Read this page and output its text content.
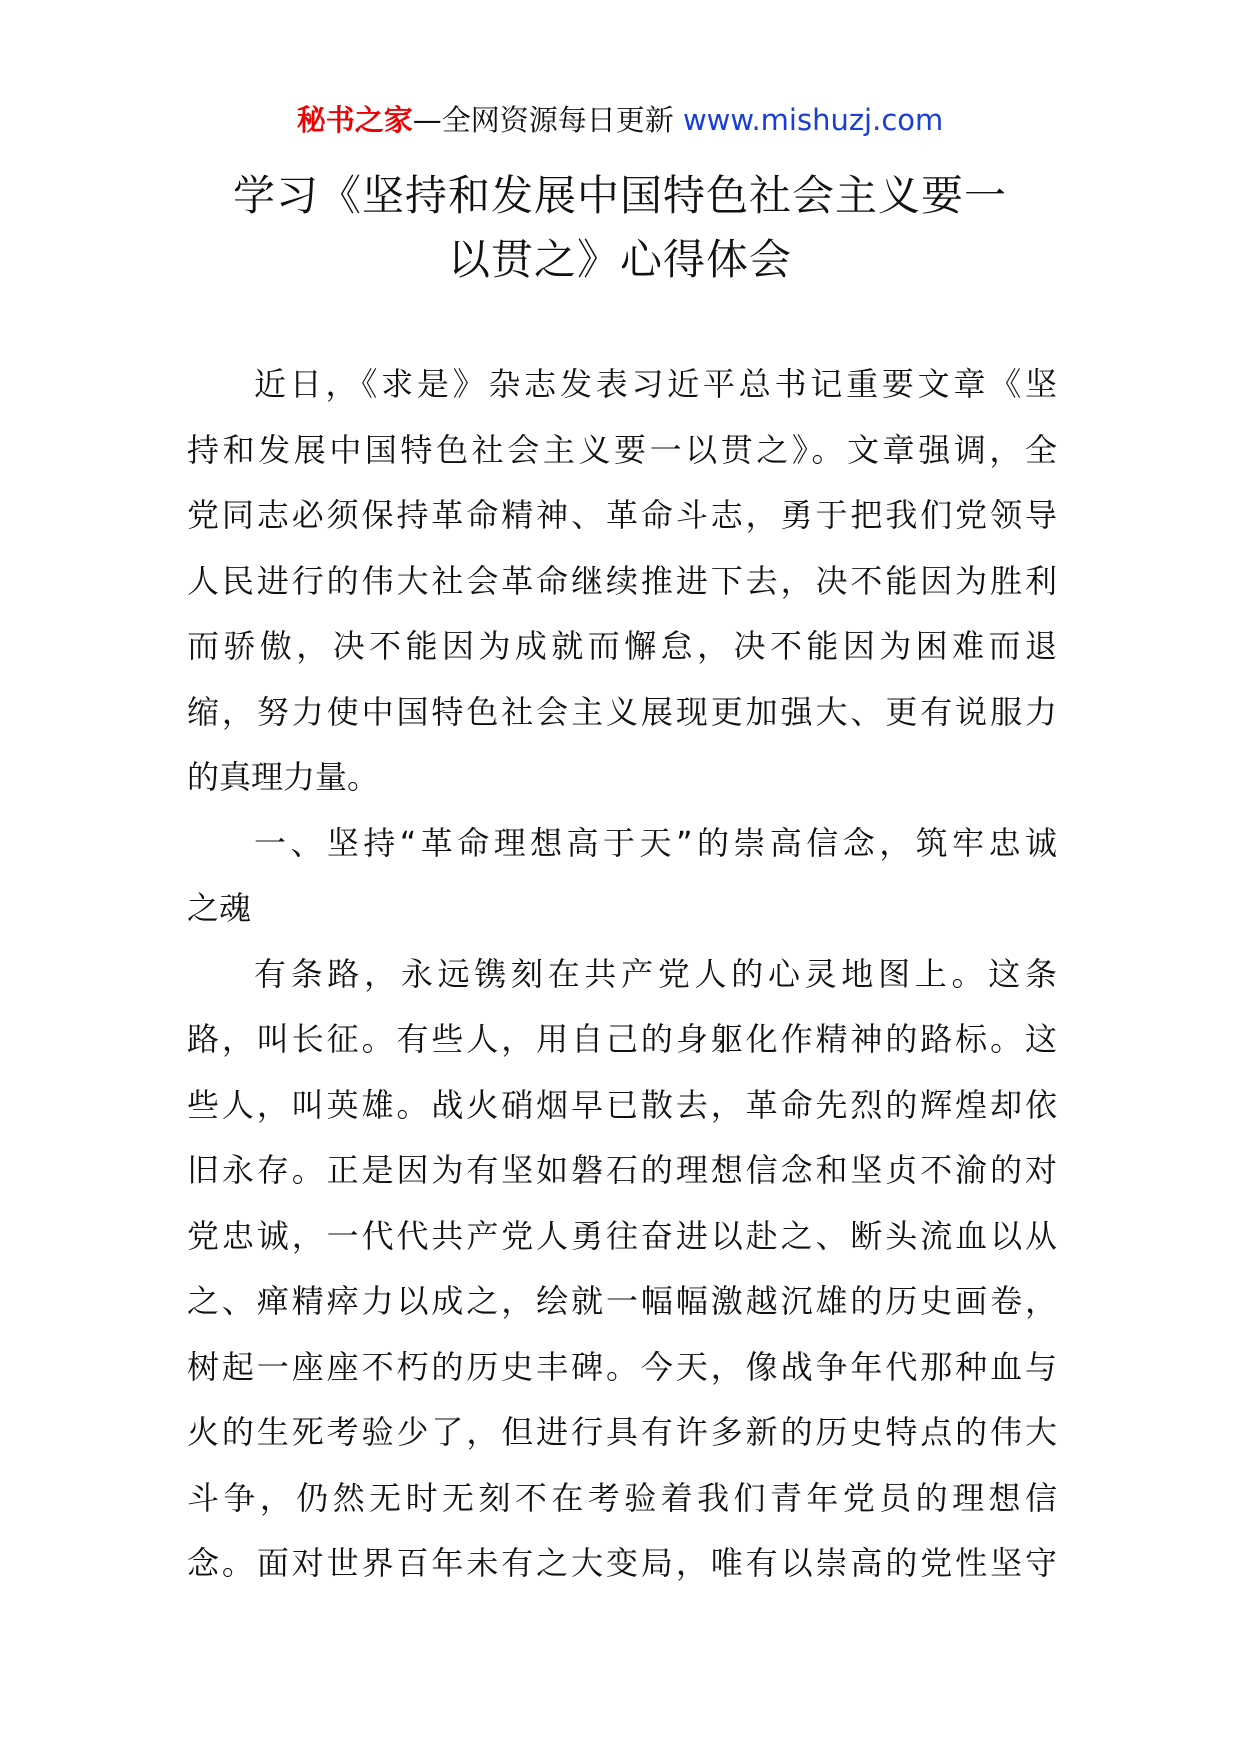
秘书之家—全网资源每日更新 www.mishuzj.com
学习《坚持和发展中国特色社会主义要一
以贯之》心得体会
近日，《求是》杂志发表习近平总书记重要文章《坚
持和发展中国特色社会主义要一以贯之》。文章强调，全
党同志必须保持革命精神、革命斗志，勇于把我们党领导
人民进行的伟大社会革命继续推进下去，决不能因为胜利
而骄傲，决不能因为成就而懈怠，决不能因为困难而退
缩，努力使中国特色社会主义展现更加强大、更有说服力
的真理力量。
一、坚持“革命理想高于天”的崇高信念，筑牢忠诚
之魂
有条路，永远镌刻在共产党人的心灵地图上。这条
路，叫长征。有些人，用自己的身躯化作精神的路标。这
些人，叫英雄。战火硝烟早已散去，革命先烈的辉煌却依
旧永存。正是因为有坚如磐石的理想信念和坚贞不渝的对
党忠诚，一代代共产党人勇往奋进以赴之、断头流血以从
之、瘅精瘁力以成之，绘就一幅幅激越沉雄的历史画卷，
树起一座座不朽的历史丰碑。今天，像战争年代那种血与
火的生死考验少了，但进行具有许多新的历史特点的伟大
斗争，仍然无时无刻不在考验着我们青年党员的理想信
念。面对世界百年未有之大变局，唯有以崇高的党性坚守
